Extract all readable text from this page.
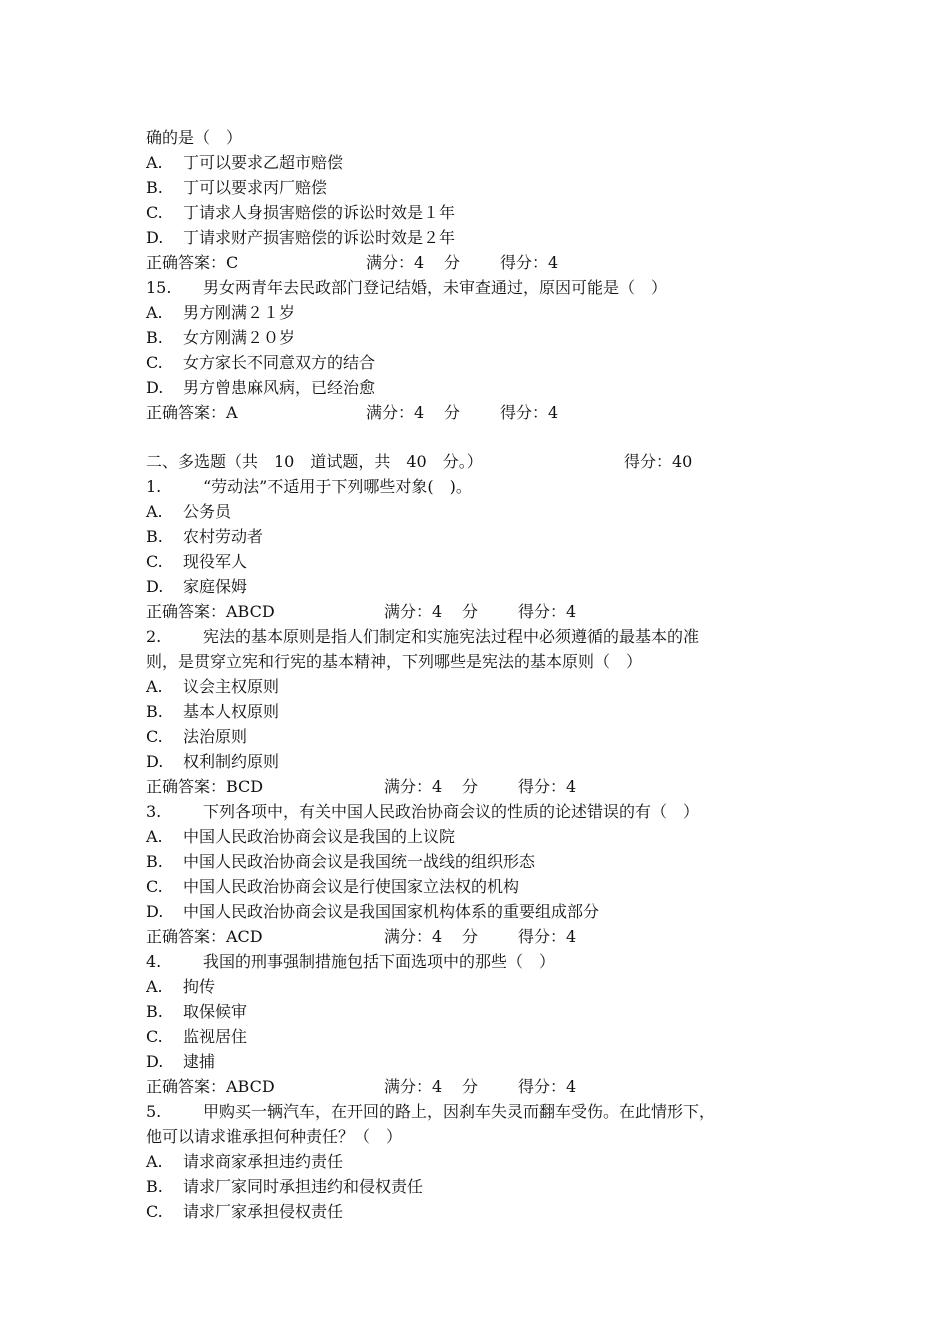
确的是（　）
A. 丁可以要求乙超市赔偿
B. 丁可以要求丙厂赔偿
C. 丁请求人身损害赔偿的诉讼时效是１年
D. 丁请求财产损害赔偿的诉讼时效是２年
正确答案：C	满分：4 分 得分：4
15. 男女两青年去民政部门登记结婚，未审查通过，原因可能是（　）
A. 男方刚满２１岁
B. 女方刚满２０岁
C. 女方家长不同意双方的结合
D. 男方曾患麻风病，已经治愈
正确答案：A	满分：4 分 得分：4
二、多选题（共　10　道试题，共　40　分。）	得分：40
1.	“劳动法”不适用于下列哪些对象(　)。
A. 公务员
B. 农村劳动者
C. 现役军人
D. 家庭保姆
正确答案：ABCD	满分：4 分 得分：4
2.	宪法的基本原则是指人们制定和实施宪法过程中必须遵循的最基本的准
则，是贯穿立宪和行宪的基本精神，下列哪些是宪法的基本原则（　）
A. 议会主权原则
B. 基本人权原则
C. 法治原则
D. 权利制约原则
正确答案：BCD	满分：4 分 得分：4
3.	下列各项中，有关中国人民政治协商会议的性质的论述错误的有（　）
A. 中国人民政治协商会议是我国的上议院
B. 中国人民政治协商会议是我国统一战线的组织形态
C. 中国人民政治协商会议是行使国家立法权的机构
D. 中国人民政治协商会议是我国国家机构体系的重要组成部分
正确答案：ACD	满分：4 分 得分：4
4.	我国的刑事强制措施包括下面选项中的那些（　）
A. 拘传
B. 取保候审
C. 监视居住
D. 逮捕
正确答案：ABCD	满分：4 分 得分：4
5.	甲购买一辆汽车，在开回的路上，因刹车失灵而翻车受伤。在此情形下，
他可以请求谁承担何种责任？（　）
A. 请求商家承担违约责任
B. 请求厂家同时承担违约和侵权责任
C. 请求厂家承担侵权责任
